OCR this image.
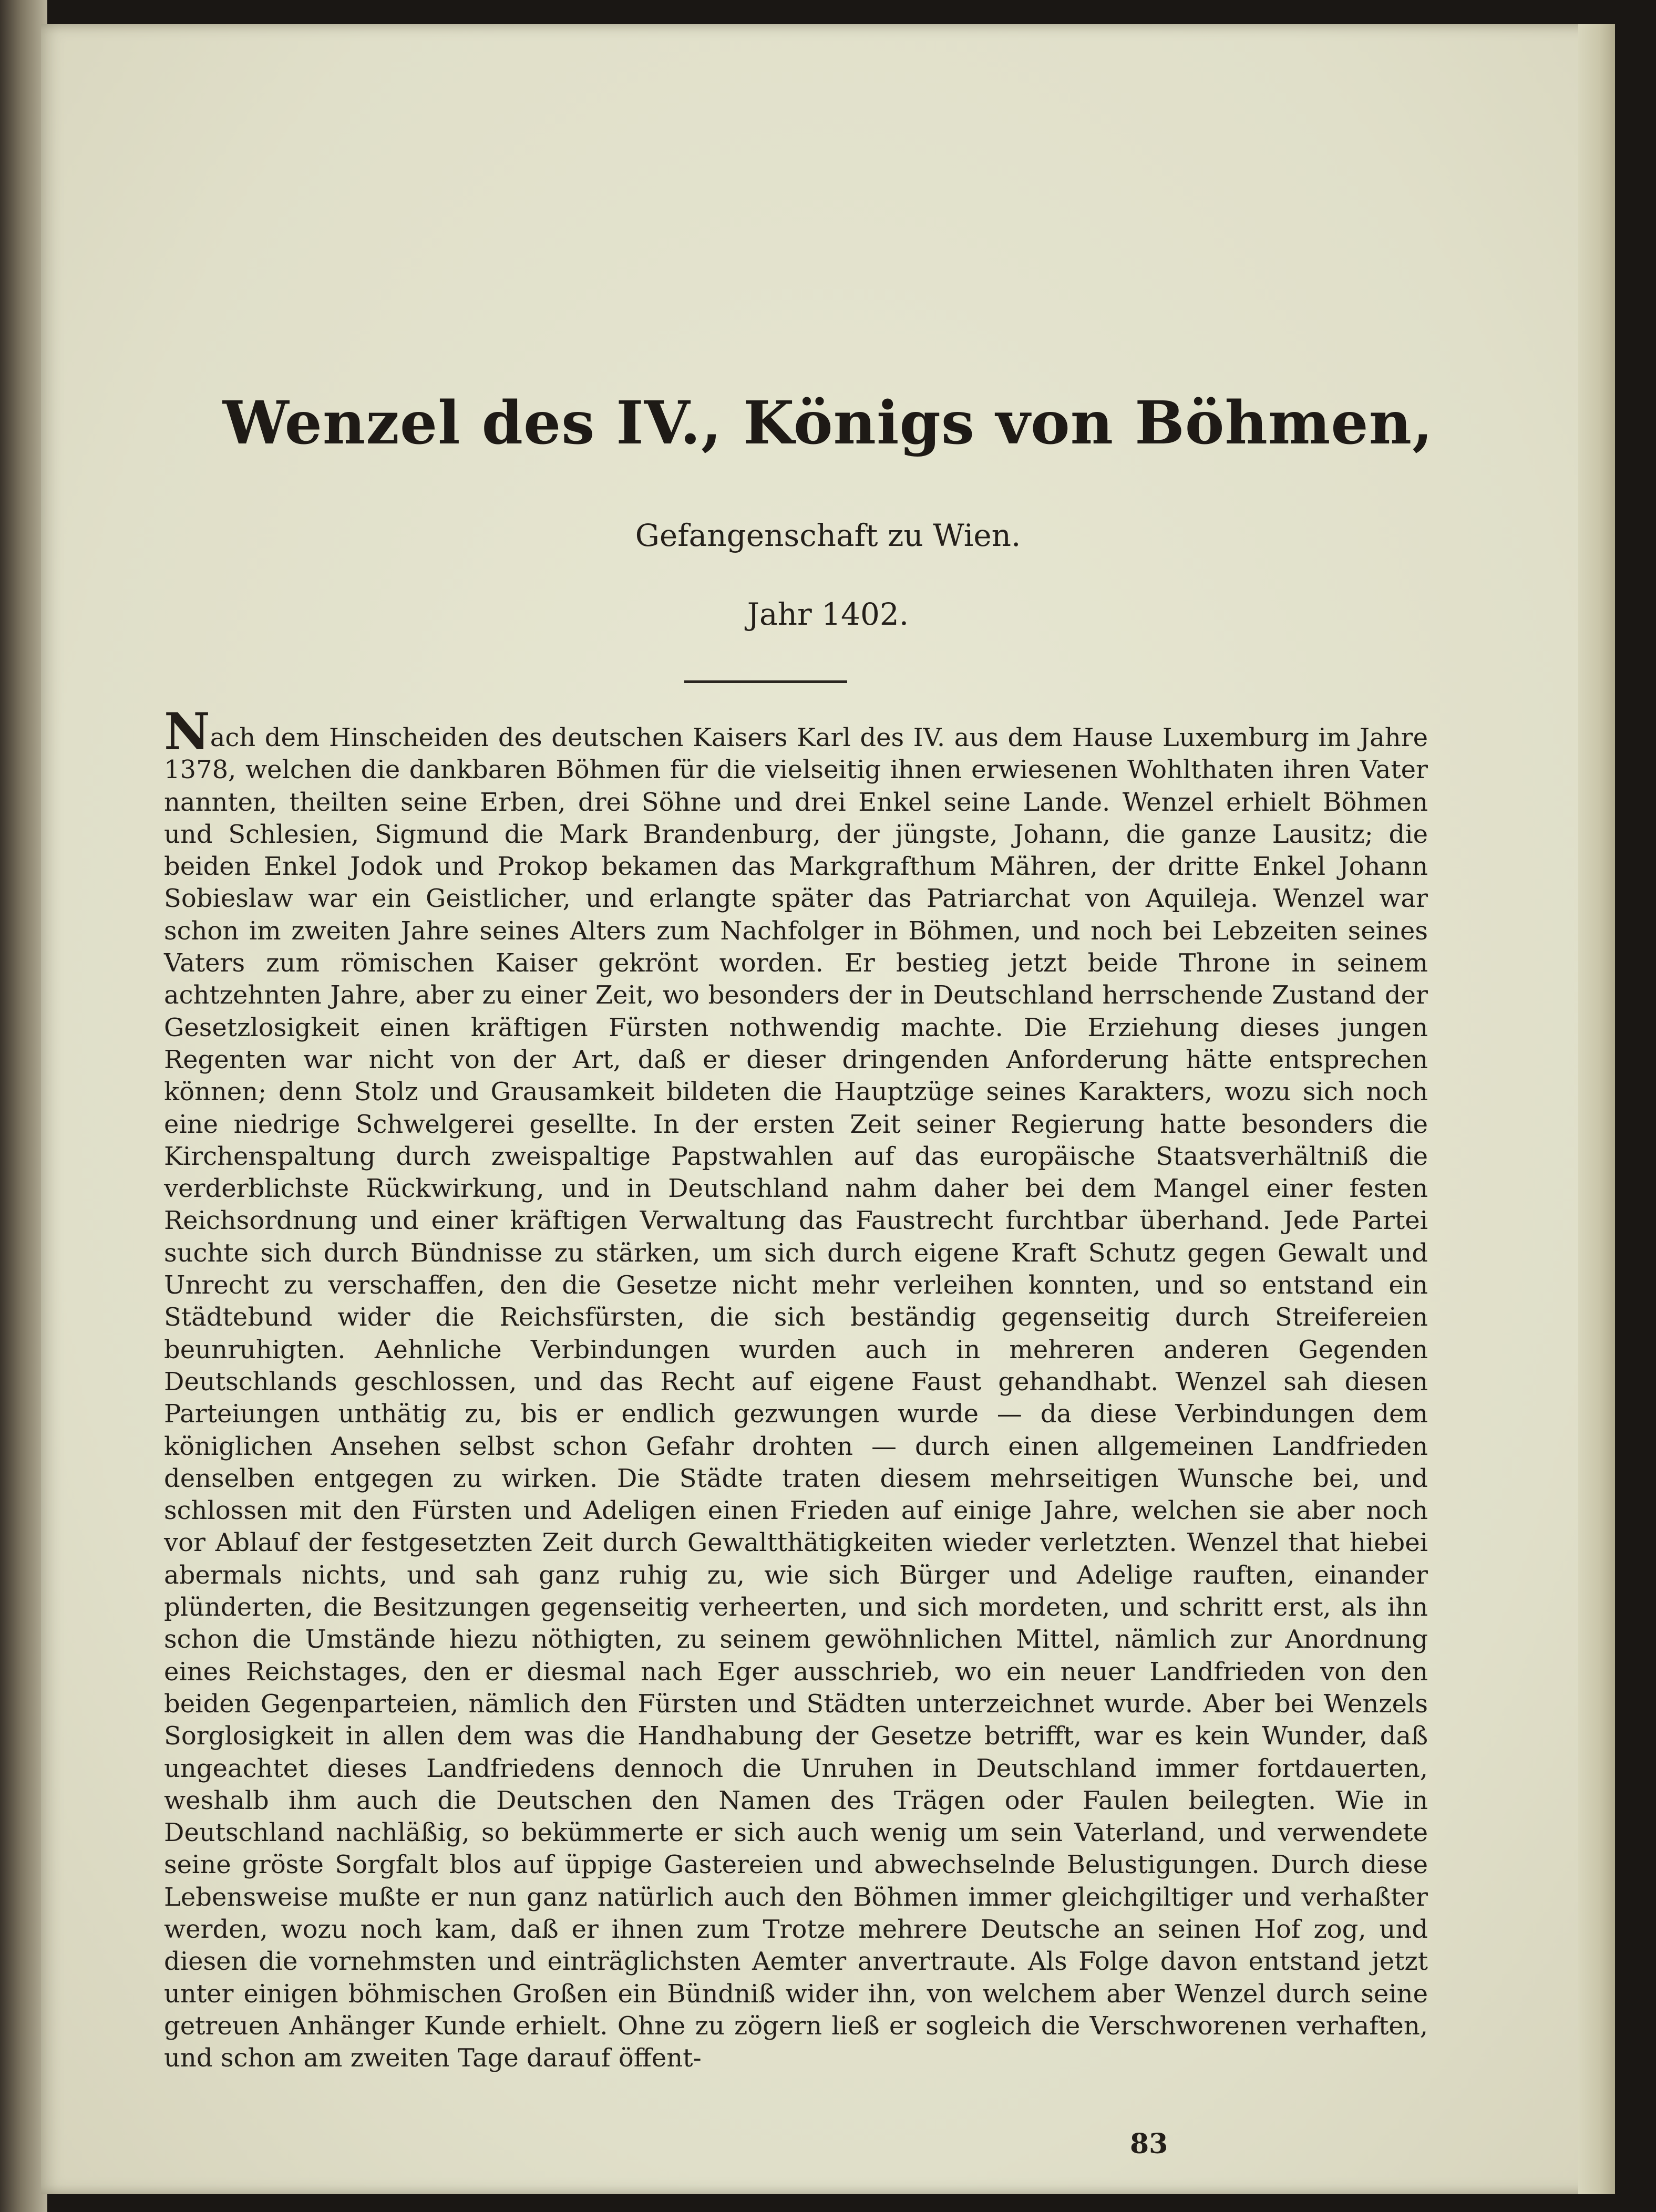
Wenzel des IV., Königs von Böhmen,

Gefangenschaft zu Wien.

Jahr 1402.

Nach dem Hinscheiden des deutschen Kaisers Karl des IV. aus dem Hause Luxemburg im Jahre 1378, welchen die dankbaren Böhmen für die vielseitig ihnen erwiesenen Wohlthaten ihren Vater nannten, theilten seine Erben, drei Söhne und drei Enkel seine Lande. Wenzel erhielt Böhmen und Schlesien, Sigmund die Mark Brandenburg, der jüngste, Johann, die ganze Lausitz; die beiden Enkel Jodok und Prokop bekamen das Markgrafthum Mähren, der dritte Enkel Johann Sobieslaw war ein Geistlicher, und erlangte später das Patriarchat von Aquileja. Wenzel war schon im zweiten Jahre seines Alters zum Nachfolger in Böhmen, und noch bei Lebzeiten seines Vaters zum römischen Kaiser gekrönt worden. Er bestieg jetzt beide Throne in seinem achtzehnten Jahre, aber zu einer Zeit, wo besonders der in Deutschland herrschende Zustand der Gesetzlosigkeit einen kräftigen Fürsten nothwendig machte. Die Erziehung dieses jungen Regenten war nicht von der Art, daß er dieser dringenden Anforderung hätte entsprechen können; denn Stolz und Grausamkeit bildeten die Hauptzüge seines Karakters, wozu sich noch eine niedrige Schwelgerei gesellte. In der ersten Zeit seiner Regierung hatte besonders die Kirchenspaltung durch zweispaltige Papstwahlen auf das europäische Staatsverhältniß die verderblichste Rückwirkung, und in Deutschland nahm daher bei dem Mangel einer festen Reichsordnung und einer kräftigen Verwaltung das Faustrecht furchtbar überhand. Jede Partei suchte sich durch Bündnisse zu stärken, um sich durch eigene Kraft Schutz gegen Gewalt und Unrecht zu verschaffen, den die Gesetze nicht mehr verleihen konnten, und so entstand ein Städtebund wider die Reichsfürsten, die sich beständig gegenseitig durch Streifereien beunruhigten. Aehnliche Verbindungen wurden auch in mehreren anderen Gegenden Deutschlands geschlossen, und das Recht auf eigene Faust gehandhabt. Wenzel sah diesen Parteiungen unthätig zu, bis er endlich gezwungen wurde — da diese Verbindungen dem königlichen Ansehen selbst schon Gefahr drohten — durch einen allgemeinen Landfrieden denselben entgegen zu wirken. Die Städte traten diesem mehrseitigen Wunsche bei, und schlossen mit den Fürsten und Adeligen einen Frieden auf einige Jahre, welchen sie aber noch vor Ablauf der festgesetzten Zeit durch Gewaltthätigkeiten wieder verletzten. Wenzel that hiebei abermals nichts, und sah ganz ruhig zu, wie sich Bürger und Adelige rauften, einander plünderten, die Besitzungen gegenseitig verheerten, und sich mordeten, und schritt erst, als ihn schon die Umstände hiezu nöthigten, zu seinem gewöhnlichen Mittel, nämlich zur Anordnung eines Reichstages, den er diesmal nach Eger ausschrieb, wo ein neuer Landfrieden von den beiden Gegenparteien, nämlich den Fürsten und Städten unterzeichnet wurde. Aber bei Wenzels Sorglosigkeit in allen dem was die Handhabung der Gesetze betrifft, war es kein Wunder, daß ungeachtet dieses Landfriedens dennoch die Unruhen in Deutschland immer fortdauerten, weshalb ihm auch die Deutschen den Namen des Trägen oder Faulen beilegten. Wie in Deutschland nachläßig, so bekümmerte er sich auch wenig um sein Vaterland, und verwendete seine gröste Sorgfalt blos auf üppige Gastereien und abwechselnde Belustigungen. Durch diese Lebensweise mußte er nun ganz natürlich auch den Böhmen immer gleichgiltiger und verhaßter werden, wozu noch kam, daß er ihnen zum Trotze mehrere Deutsche an seinen Hof zog, und diesen die vornehmsten und einträglichsten Aemter anvertraute. Als Folge davon entstand jetzt unter einigen böhmischen Großen ein Bündniß wider ihn, von welchem aber Wenzel durch seine getreuen Anhänger Kunde erhielt. Ohne zu zögern ließ er sogleich die Verschworenen verhaften, und schon am zweiten Tage darauf öffent-

83
